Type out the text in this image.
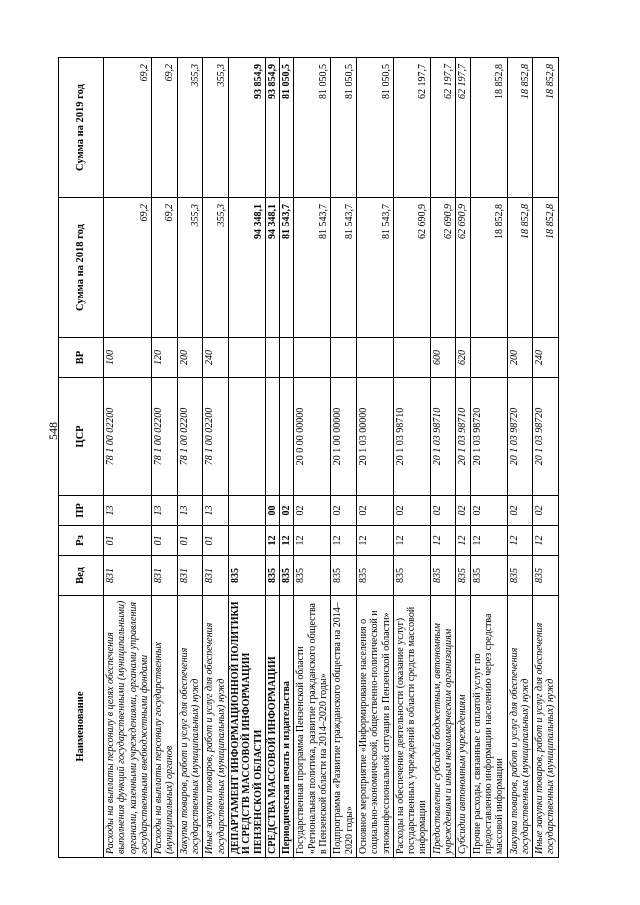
548
Наименование	Вед	Рз	ПР	ЦСР	ВР	Сумма на 2018 год	Сумма на 2019 год
Расходы на выплаты персоналу в целях обеспечения выполнения функций государственными (муниципальными) органами, казенными учреждениями, органами управления государственными внебюджетными фондами	831	01	13	78 1 00 02200	100	69,2	69,2
Расходы на выплаты персоналу государственных (муниципальных) органов	831	01	13	78 1 00 02200	120	69,2	69,2
Закупка товаров, работ и услуг для обеспечения государственных (муниципальных) нужд	831	01	13	78 1 00 02200	200	355,3	355,3
Иные закупки товаров, работ и услуг для обеспечения государственных (муниципальных) нужд	831	01	13	78 1 00 02200	240	355,3	355,3
ДЕПАРТАМЕНТ ИНФОРМАЦИОННОЙ ПОЛИТИКИ И СРЕДСТВ МАССОВОЙ ИНФОРМАЦИИ ПЕНЗЕНСКОЙ ОБЛАСТИ	835					94 348,1	93 854,9
СРЕДСТВА МАССОВОЙ ИНФОРМАЦИИ	835	12	00			94 348,1	93 854,9
Периодическая печать и издательства	835	12	02			81 543,7	81 050,5
Государственная программа Пензенской области «Региональная политика, развитие гражданского общества в Пензенской области на 2014–2020 годы»	835	12	02	20 0 00 00000		81 543,7	81 050,5
Подпрограмма «Развитие гражданского общества на 2014–2020 годы»	835	12	02	20 1 00 00000		81 543,7	81 050,5
Основное мероприятие «Информирование населения о социально-экономической, общественно-политической и этноконфессиональной ситуации в Пензенской области»	835	12	02	20 1 03 00000		81 543,7	81 050,5
Расходы на обеспечение деятельности (оказание услуг) государственных учреждений в области средств массовой информации	835	12	02	20 1 03 98710		62 690,9	62 197,7
Предоставление субсидий бюджетным, автономным учреждениям и иным некоммерческим организациям	835	12	02	20 1 03 98710	600	62 690,9	62 197,7
Субсидии автономным учреждениям	835	12	02	20 1 03 98710	620	62 690,9	62 197,7
Прочие расходы, связанные с оплатой услуг по предоставлению информации населению через средства массовой информации	835	12	02	20 1 03 98720		18 852,8	18 852,8
Закупка товаров, работ и услуг для обеспечения государственных (муниципальных) нужд	835	12	02	20 1 03 98720	200	18 852,8	18 852,8
Иные закупки товаров, работ и услуг для обеспечения государственных (муниципальных) нужд	835	12	02	20 1 03 98720	240	18 852,8	18 852,8
